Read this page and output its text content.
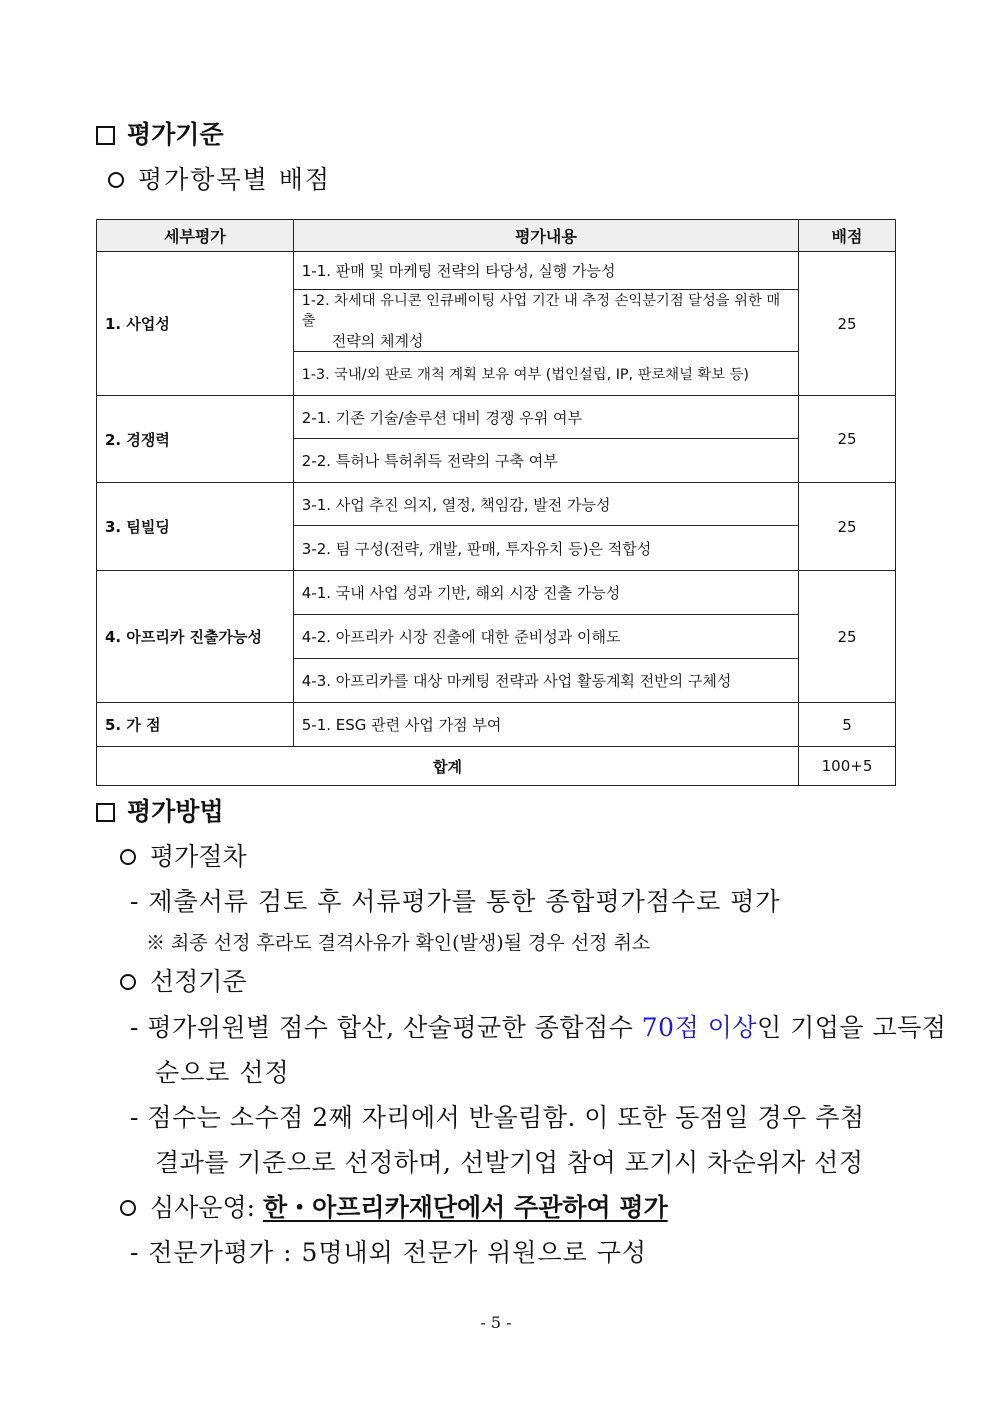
평가기준
평가항목별 배점
세부평가	평가내용	배점
1. 사업성	1-1. 판매 및 마케팅 전략의 타당성, 실행 가능성	25
	1-2. 차세대 유니콘 인큐베이팅 사업 기간 내 추정 손익분기점 달성을 위한 매출
전략의 체계성	

	1-3. 국내/외 판로 개척 계획 보유 여부 (법인설립, IP, 판로채널 확보 등)	
2. 경쟁력	2-1. 기존 기술/솔루션 대비 경쟁 우위 여부	25
	2-2. 특허나 특허취득 전략의 구축 여부	
3. 팀빌딩	3-1. 사업 추진 의지, 열정, 책임감, 발전 가능성	25
	3-2. 팀 구성(전략, 개발, 판매, 투자유치 등)은 적합성	
4. 아프리카 진출가능성	4-1. 국내 사업 성과 기반, 해외 시장 진출 가능성	25
	4-2. 아프리카 시장 진출에 대한 준비성과 이해도	
	4-3. 아프리카를 대상 마케팅 전략과 사업 활동계획 전반의 구체성	
5. 가 점	5-1. ESG 관련 사업 가점 부여	5
합계		100+5
평가방법
평가절차
- 제출서류 검토 후 서류평가를 통한 종합평가점수로 평가
※ 최종 선정 후라도 결격사유가 확인(발생)될 경우 선정 취소
선정기준
- 평가위원별 점수 합산, 산술평균한 종합점수 70점 이상인 기업을 고득점
순으로 선정
- 점수는 소수점 2째 자리에서 반올림함. 이 또한 동점일 경우 추첨
결과를 기준으로 선정하며, 선발기업 참여 포기시 차순위자 선정
심사운영: 한・아프리카재단에서 주관하여 평가
- 전문가평가 : 5명내외 전문가 위원으로 구성
- 5 -
